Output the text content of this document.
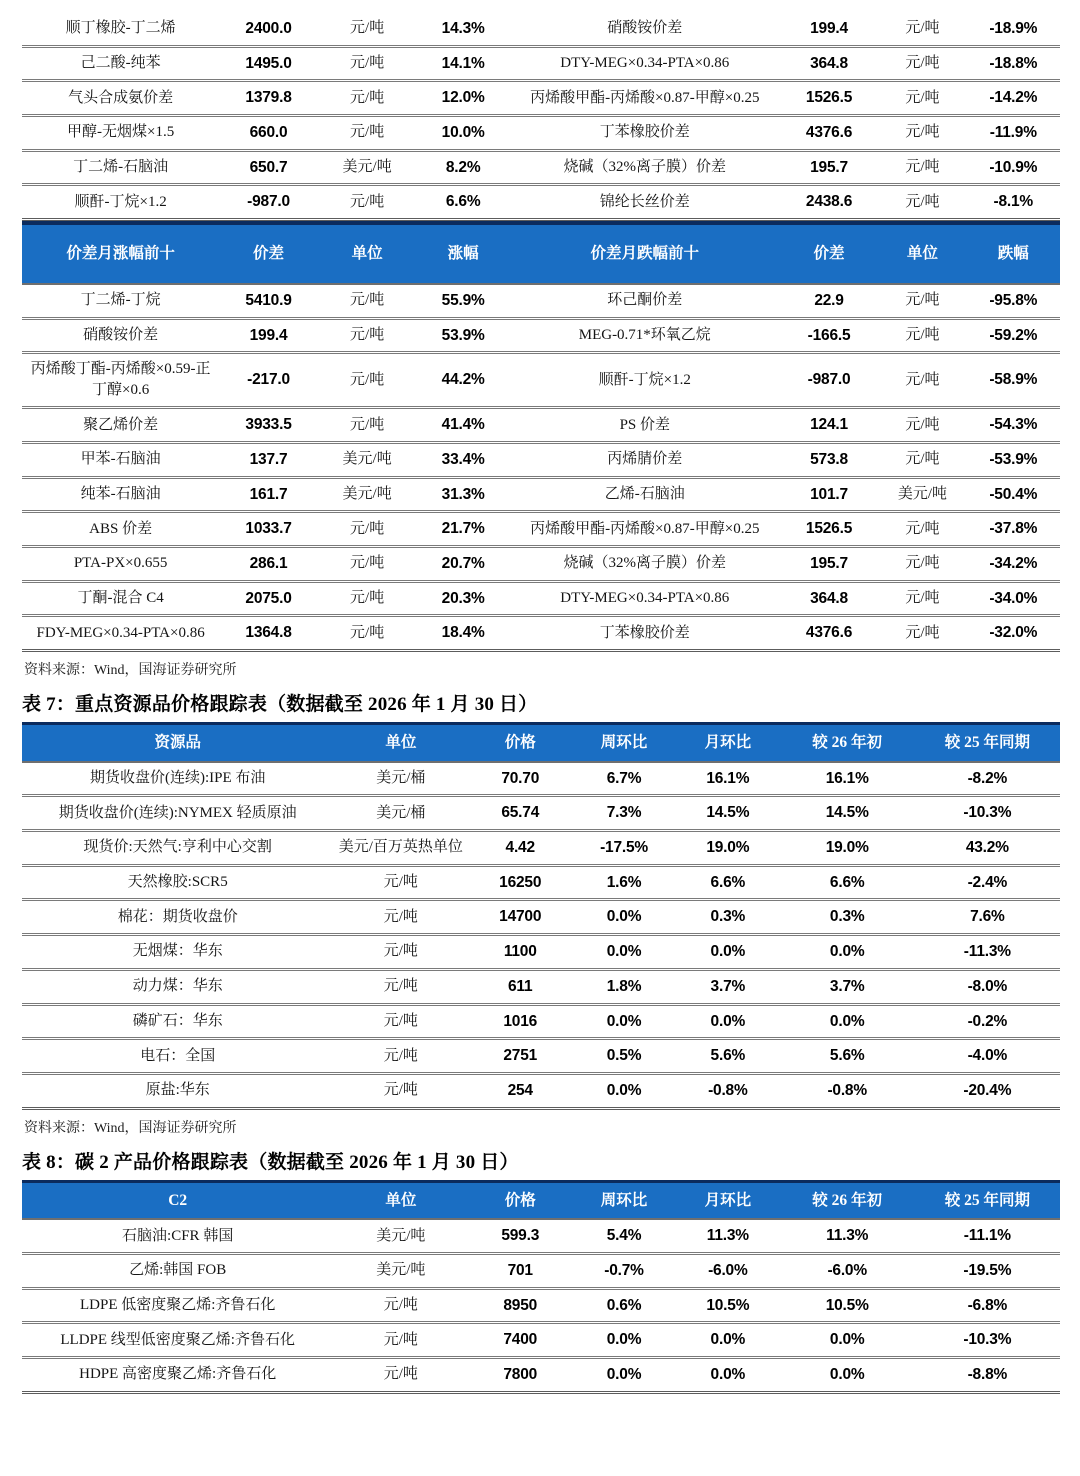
顺丁橡胶-丁二烯	2400.0	元/吨	14.3%	硝酸铵价差	199.4	元/吨	-18.9%
己二酸-纯苯	1495.0	元/吨	14.1%	DTY-MEG×0.34-PTA×0.86	364.8	元/吨	-18.8%
气头合成氨价差	1379.8	元/吨	12.0%	丙烯酸甲酯-丙烯酸×0.87-甲醇×0.25	1526.5	元/吨	-14.2%
甲醇-无烟煤×1.5	660.0	元/吨	10.0%	丁苯橡胶价差	4376.6	元/吨	-11.9%
丁二烯-石脑油	650.7	美元/吨	8.2%	烧碱（32%离子膜）价差	195.7	元/吨	-10.9%
顺酐-丁烷×1.2	-987.0	元/吨	6.6%	锦纶长丝价差	2438.6	元/吨	-8.1%
价差月涨幅前十	价差	单位	涨幅	价差月跌幅前十	价差	单位	跌幅
丁二烯-丁烷	5410.9	元/吨	55.9%	环己酮价差	22.9	元/吨	-95.8%
硝酸铵价差	199.4	元/吨	53.9%	MEG-0.71*环氧乙烷	-166.5	元/吨	-59.2%
丙烯酸丁酯-丙烯酸×0.59-正丁醇×0.6	-217.0	元/吨	44.2%	顺酐-丁烷×1.2	-987.0	元/吨	-58.9%
聚乙烯价差	3933.5	元/吨	41.4%	PS 价差	124.1	元/吨	-54.3%
甲苯-石脑油	137.7	美元/吨	33.4%	丙烯腈价差	573.8	元/吨	-53.9%
纯苯-石脑油	161.7	美元/吨	31.3%	乙烯-石脑油	101.7	美元/吨	-50.4%
ABS 价差	1033.7	元/吨	21.7%	丙烯酸甲酯-丙烯酸×0.87-甲醇×0.25	1526.5	元/吨	-37.8%
PTA-PX×0.655	286.1	元/吨	20.7%	烧碱（32%离子膜）价差	195.7	元/吨	-34.2%
丁酮-混合 C4	2075.0	元/吨	20.3%	DTY-MEG×0.34-PTA×0.86	364.8	元/吨	-34.0%
FDY-MEG×0.34-PTA×0.86	1364.8	元/吨	18.4%	丁苯橡胶价差	4376.6	元/吨	-32.0%

资料来源：Wind，国海证券研究所

表 7：重点资源品价格跟踪表（数据截至 2026 年 1 月 30 日）
资源品	单位	价格	周环比	月环比	较 26 年初	较 25 年同期
期货收盘价(连续):IPE 布油	美元/桶	70.70	6.7%	16.1%	16.1%	-8.2%
期货收盘价(连续):NYMEX 轻质原油	美元/桶	65.74	7.3%	14.5%	14.5%	-10.3%
现货价:天然气:亨利中心交割	美元/百万英热单位	4.42	-17.5%	19.0%	19.0%	43.2%
天然橡胶:SCR5	元/吨	16250	1.6%	6.6%	6.6%	-2.4%
棉花：期货收盘价	元/吨	14700	0.0%	0.3%	0.3%	7.6%
无烟煤：华东	元/吨	1100	0.0%	0.0%	0.0%	-11.3%
动力煤：华东	元/吨	611	1.8%	3.7%	3.7%	-8.0%
磷矿石：华东	元/吨	1016	0.0%	0.0%	0.0%	-0.2%
电石：全国	元/吨	2751	0.5%	5.6%	5.6%	-4.0%
原盐:华东	元/吨	254	0.0%	-0.8%	-0.8%	-20.4%

资料来源：Wind，国海证券研究所

表 8：碳 2 产品价格跟踪表（数据截至 2026 年 1 月 30 日）
C2	单位	价格	周环比	月环比	较 26 年初	较 25 年同期
石脑油:CFR 韩国	美元/吨	599.3	5.4%	11.3%	11.3%	-11.1%
乙烯:韩国 FOB	美元/吨	701	-0.7%	-6.0%	-6.0%	-19.5%
LDPE 低密度聚乙烯:齐鲁石化	元/吨	8950	0.6%	10.5%	10.5%	-6.8%
LLDPE 线型低密度聚乙烯:齐鲁石化	元/吨	7400	0.0%	0.0%	0.0%	-10.3%
HDPE 高密度聚乙烯:齐鲁石化	元/吨	7800	0.0%	0.0%	0.0%	-8.8%
